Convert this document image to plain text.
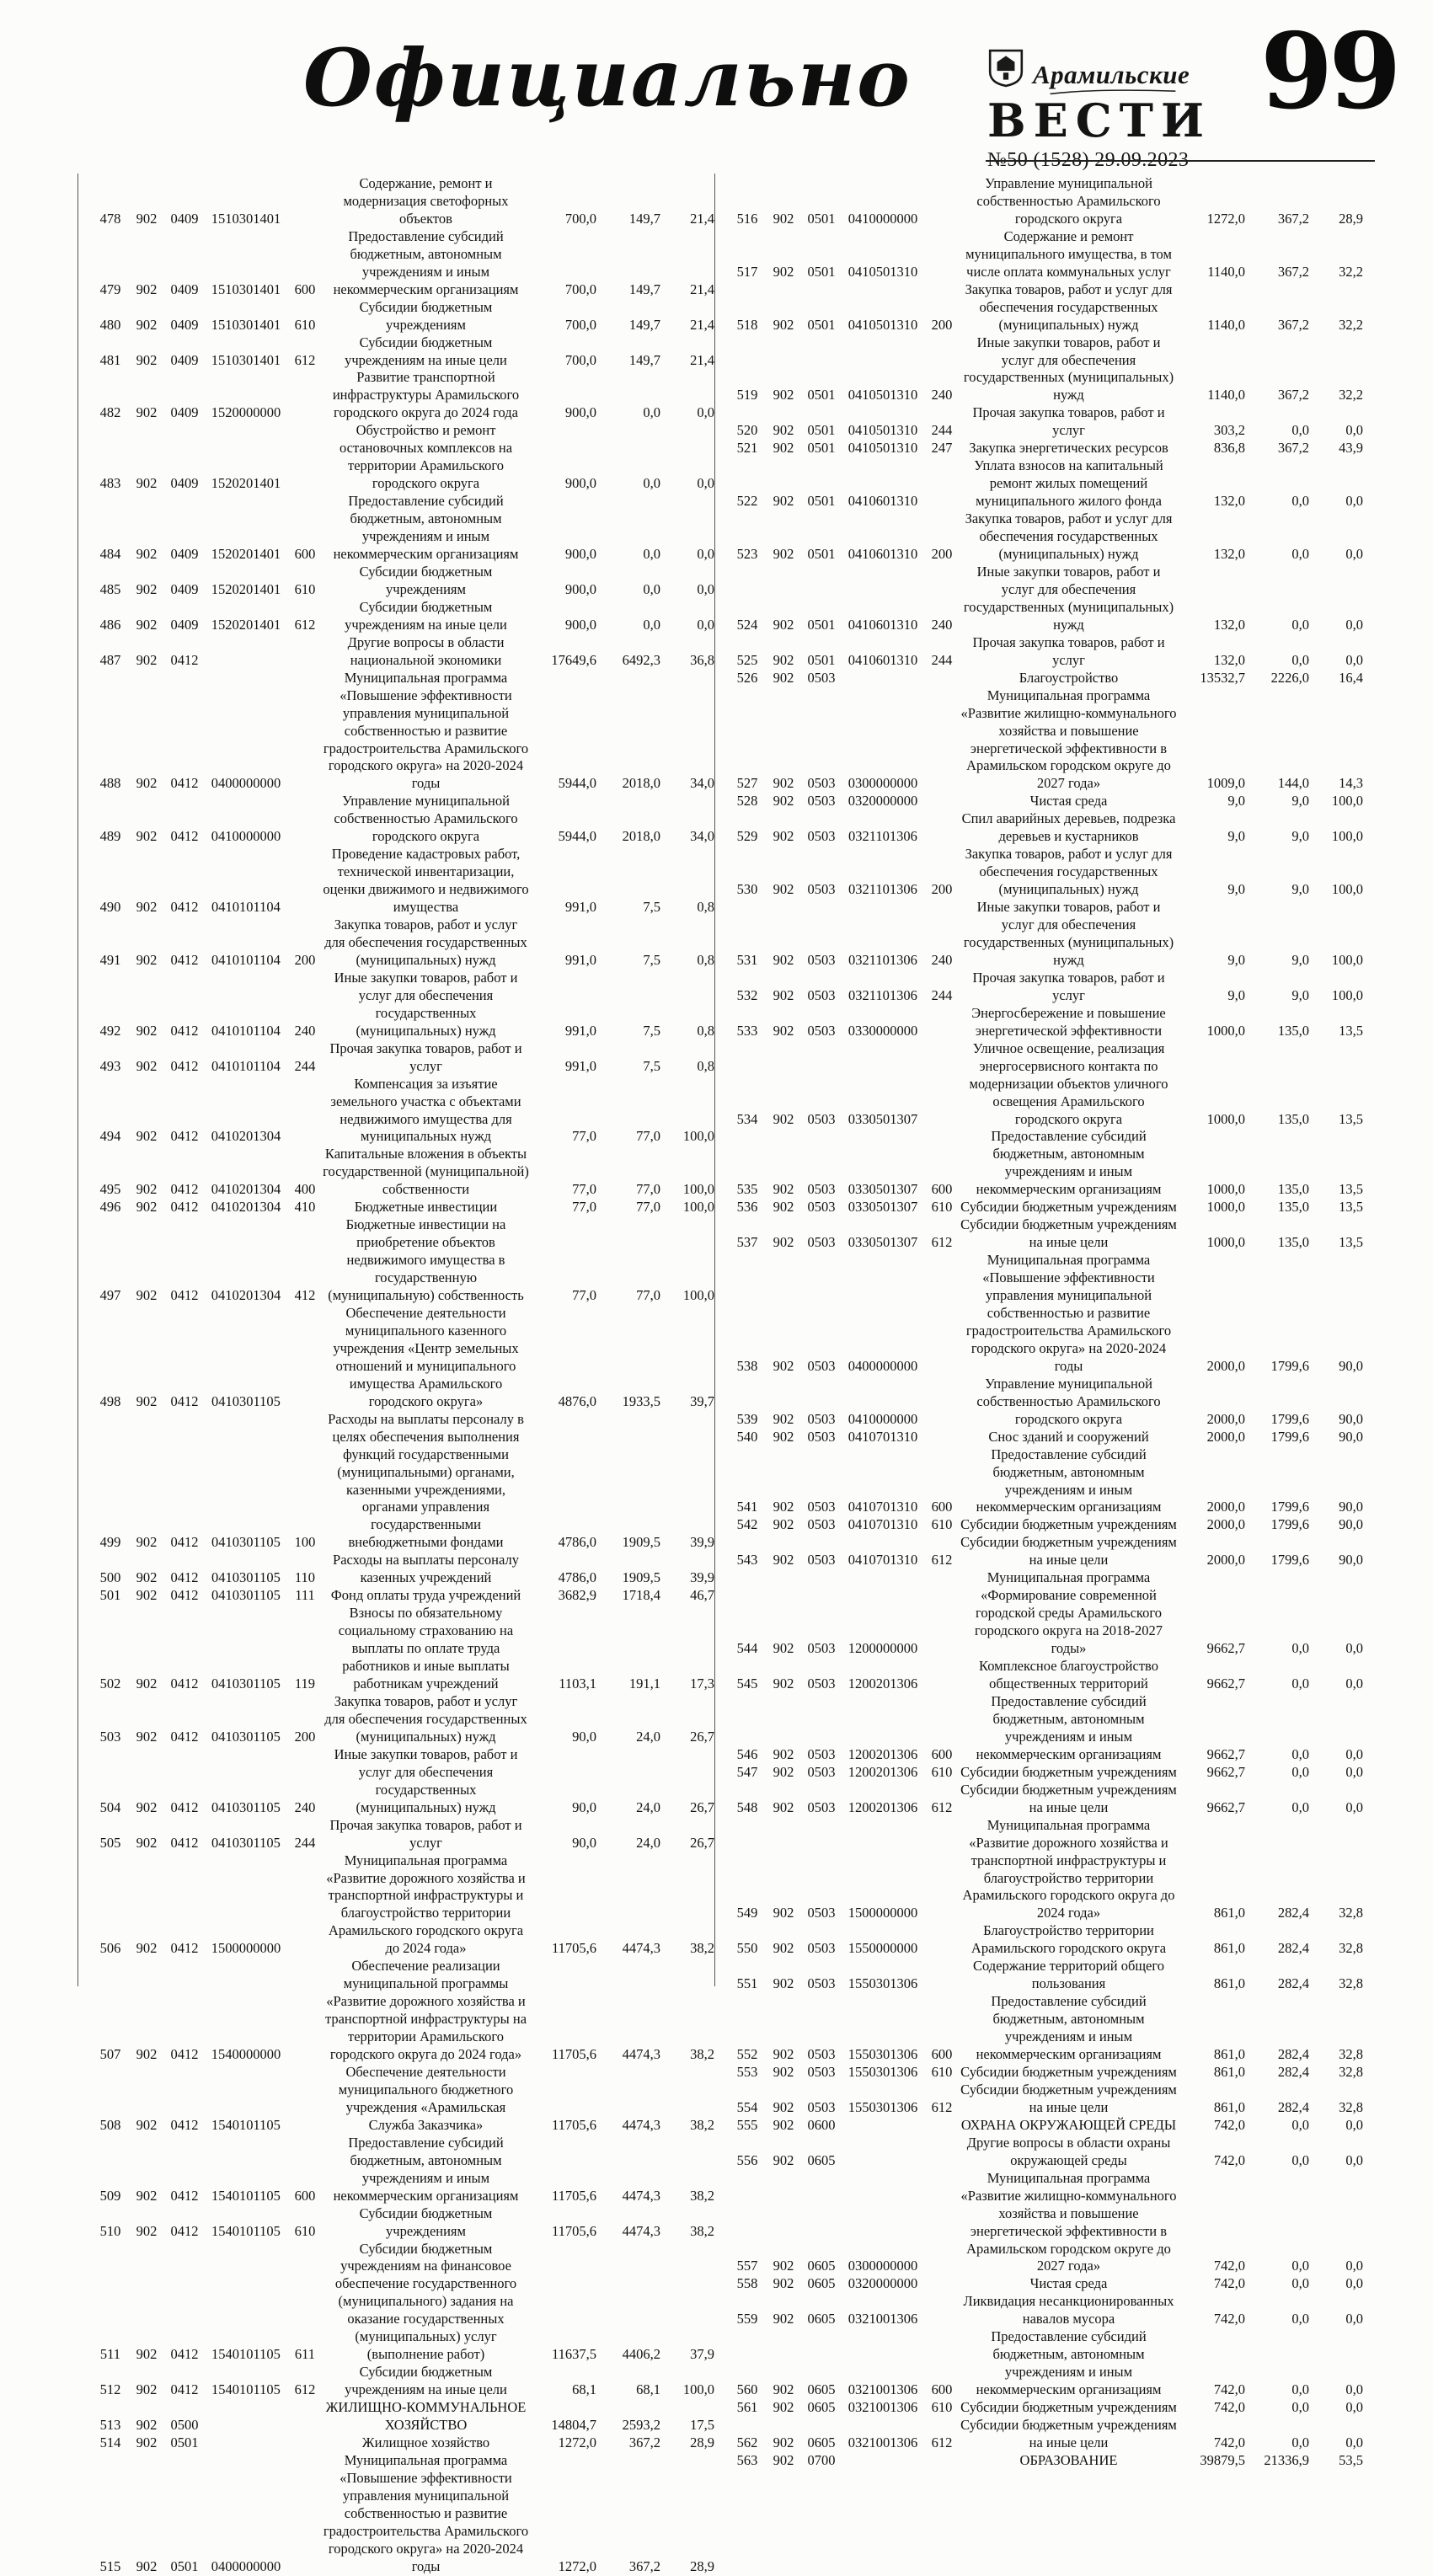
Официально	Арамильские
ВЕСТИ
№50 (1528) 29.09.2023
99
478	902	0409	1510301401		Содержание, ремонт и модернизация светофорных объектов	700,0	149,7	21,4
479	902	0409	1510301401	600	Предоставление субсидий бюджетным, автономным учреждениям и иным некоммерческим организациям	700,0	149,7	21,4
480	902	0409	1510301401	610	Субсидии бюджетным учреждениям	700,0	149,7	21,4
481	902	0409	1510301401	612	Субсидии бюджетным учреждениям на иные цели	700,0	149,7	21,4
482	902	0409	1520000000		Развитие транспортной инфраструктуры Арамильского городского округа до 2024 года	900,0	0,0	0,0
483	902	0409	1520201401		Обустройство и ремонт остановочных комплексов на территории Арамильского городского округа	900,0	0,0	0,0
484	902	0409	1520201401	600	Предоставление субсидий бюджетным, автономным учреждениям и иным некоммерческим организациям	900,0	0,0	0,0
485	902	0409	1520201401	610	Субсидии бюджетным учреждениям	900,0	0,0	0,0
486	902	0409	1520201401	612	Субсидии бюджетным учреждениям на иные цели	900,0	0,0	0,0
487	902	0412			Другие вопросы в области национальной экономики	17649,6	6492,3	36,8
488	902	0412	0400000000		Муниципальная программа «Повышение эффективности управления муниципальной собственностью и развитие градостроительства Арамильского городского округа» на 2020-2024 годы	5944,0	2018,0	34,0
489	902	0412	0410000000		Управление муниципальной собственностью Арамильского городского округа	5944,0	2018,0	34,0
490	902	0412	0410101104		Проведение кадастровых работ, технической инвентаризации, оценки движимого и недвижимого имущества	991,0	7,5	0,8
491	902	0412	0410101104	200	Закупка товаров, работ и услуг для обеспечения государственных (муниципальных) нужд	991,0	7,5	0,8
492	902	0412	0410101104	240	Иные закупки товаров, работ и услуг для обеспечения государственных (муниципальных) нужд	991,0	7,5	0,8
493	902	0412	0410101104	244	Прочая закупка товаров, работ и услуг	991,0	7,5	0,8
494	902	0412	0410201304		Компенсация за изъятие земельного участка с объектами недвижимого имущества для муниципальных нужд	77,0	77,0	100,0
495	902	0412	0410201304	400	Капитальные вложения в объекты государственной (муниципальной) собственности	77,0	77,0	100,0
496	902	0412	0410201304	410	Бюджетные инвестиции	77,0	77,0	100,0
497	902	0412	0410201304	412	Бюджетные инвестиции на приобретение объектов недвижимого имущества в государственную (муниципальную) собственность	77,0	77,0	100,0
498	902	0412	0410301105		Обеспечение деятельности муниципального казенного учреждения «Центр земельных отношений и муниципального имущества Арамильского городского округа»	4876,0	1933,5	39,7
499	902	0412	0410301105	100	Расходы на выплаты персоналу в целях обеспечения выполнения функций государственными (муниципальными) органами, казенными учреждениями, органами управления государственными внебюджетными фондами	4786,0	1909,5	39,9
500	902	0412	0410301105	110	Расходы на выплаты персоналу казенных учреждений	4786,0	1909,5	39,9
501	902	0412	0410301105	111	Фонд оплаты труда учреждений	3682,9	1718,4	46,7
502	902	0412	0410301105	119	Взносы по обязательному социальному страхованию на выплаты по оплате труда работников и иные выплаты работникам учреждений	1103,1	191,1	17,3
503	902	0412	0410301105	200	Закупка товаров, работ и услуг для обеспечения государственных (муниципальных) нужд	90,0	24,0	26,7
504	902	0412	0410301105	240	Иные закупки товаров, работ и услуг для обеспечения государственных (муниципальных) нужд	90,0	24,0	26,7
505	902	0412	0410301105	244	Прочая закупка товаров, работ и услуг	90,0	24,0	26,7
506	902	0412	1500000000		Муниципальная программа «Развитие дорожного хозяйства и транспортной инфраструктуры и благоустройство территории Арамильского городского округа до 2024 года»	11705,6	4474,3	38,2
507	902	0412	1540000000		Обеспечение реализации муниципальной программы «Развитие дорожного хозяйства и транспортной инфраструктуры на территории Арамильского городского округа до 2024 года»	11705,6	4474,3	38,2
508	902	0412	1540101105		Обеспечение деятельности муниципального бюджетного учреждения «Арамильская Служба Заказчика»	11705,6	4474,3	38,2
509	902	0412	1540101105	600	Предоставление субсидий бюджетным, автономным учреждениям и иным некоммерческим организациям	11705,6	4474,3	38,2
510	902	0412	1540101105	610	Субсидии бюджетным учреждениям	11705,6	4474,3	38,2
511	902	0412	1540101105	611	Субсидии бюджетным учреждениям на финансовое обеспечение государственного (муниципального) задания на оказание государственных (муниципальных) услуг (выполнение работ)	11637,5	4406,2	37,9
512	902	0412	1540101105	612	Субсидии бюджетным учреждениям на иные цели	68,1	68,1	100,0
513	902	0500			ЖИЛИЩНО-КОММУНАЛЬНОЕ ХОЗЯЙСТВО	14804,7	2593,2	17,5
514	902	0501			Жилищное хозяйство	1272,0	367,2	28,9
515	902	0501	0400000000		Муниципальная программа «Повышение эффективности управления муниципальной собственностью и развитие градостроительства Арамильского городского округа» на 2020-2024 годы	1272,0	367,2	28,9
516	902	0501	0410000000		Управление муниципальной собственностью Арамильского городского округа	1272,0	367,2	28,9
517	902	0501	0410501310		Содержание и ремонт муниципального имущества, в том числе оплата коммунальных услуг	1140,0	367,2	32,2
518	902	0501	0410501310	200	Закупка товаров, работ и услуг для обеспечения государственных (муниципальных) нужд	1140,0	367,2	32,2
519	902	0501	0410501310	240	Иные закупки товаров, работ и услуг для обеспечения государственных (муниципальных) нужд	1140,0	367,2	32,2
520	902	0501	0410501310	244	Прочая закупка товаров, работ и услуг	303,2	0,0	0,0
521	902	0501	0410501310	247	Закупка энергетических ресурсов	836,8	367,2	43,9
522	902	0501	0410601310		Уплата взносов на капитальный ремонт жилых помещений муниципального жилого фонда	132,0	0,0	0,0
523	902	0501	0410601310	200	Закупка товаров, работ и услуг для обеспечения государственных (муниципальных) нужд	132,0	0,0	0,0
524	902	0501	0410601310	240	Иные закупки товаров, работ и услуг для обеспечения государственных (муниципальных) нужд	132,0	0,0	0,0
525	902	0501	0410601310	244	Прочая закупка товаров, работ и услуг	132,0	0,0	0,0
526	902	0503			Благоустройство	13532,7	2226,0	16,4
527	902	0503	0300000000		Муниципальная программа «Развитие жилищно-коммунального хозяйства и повышение энергетической эффективности в Арамильском городском округе до 2027 года»	1009,0	144,0	14,3
528	902	0503	0320000000		Чистая среда	9,0	9,0	100,0
529	902	0503	0321101306		Спил аварийных деревьев, подрезка деревьев и кустарников	9,0	9,0	100,0
530	902	0503	0321101306	200	Закупка товаров, работ и услуг для обеспечения государственных (муниципальных) нужд	9,0	9,0	100,0
531	902	0503	0321101306	240	Иные закупки товаров, работ и услуг для обеспечения государственных (муниципальных) нужд	9,0	9,0	100,0
532	902	0503	0321101306	244	Прочая закупка товаров, работ и услуг	9,0	9,0	100,0
533	902	0503	0330000000		Энергосбережение и повышение энергетической эффективности	1000,0	135,0	13,5
534	902	0503	0330501307		Уличное освещение, реализация энергосервисного контакта по модернизации объектов уличного освещения Арамильского городского округа	1000,0	135,0	13,5
535	902	0503	0330501307	600	Предоставление субсидий бюджетным, автономным учреждениям и иным некоммерческим организациям	1000,0	135,0	13,5
536	902	0503	0330501307	610	Субсидии бюджетным учреждениям	1000,0	135,0	13,5
537	902	0503	0330501307	612	Субсидии бюджетным учреждениям на иные цели	1000,0	135,0	13,5
538	902	0503	0400000000		Муниципальная программа «Повышение эффективности управления муниципальной собственностью и развитие градостроительства Арамильского городского округа» на 2020-2024 годы	2000,0	1799,6	90,0
539	902	0503	0410000000		Управление муниципальной собственностью Арамильского городского округа	2000,0	1799,6	90,0
540	902	0503	0410701310		Снос зданий и сооружений	2000,0	1799,6	90,0
541	902	0503	0410701310	600	Предоставление субсидий бюджетным, автономным учреждениям и иным некоммерческим организациям	2000,0	1799,6	90,0
542	902	0503	0410701310	610	Субсидии бюджетным учреждениям	2000,0	1799,6	90,0
543	902	0503	0410701310	612	Субсидии бюджетным учреждениям на иные цели	2000,0	1799,6	90,0
544	902	0503	1200000000		Муниципальная программа «Формирование современной городской среды Арамильского городского округа на 2018-2027 годы»	9662,7	0,0	0,0
545	902	0503	1200201306		Комплексное благоустройство общественных территорий	9662,7	0,0	0,0
546	902	0503	1200201306	600	Предоставление субсидий бюджетным, автономным учреждениям и иным некоммерческим организациям	9662,7	0,0	0,0
547	902	0503	1200201306	610	Субсидии бюджетным учреждениям	9662,7	0,0	0,0
548	902	0503	1200201306	612	Субсидии бюджетным учреждениям на иные цели	9662,7	0,0	0,0
549	902	0503	1500000000		Муниципальная программа «Развитие дорожного хозяйства и транспортной инфраструктуры и благоустройство территории Арамильского городского округа до 2024 года»	861,0	282,4	32,8
550	902	0503	1550000000		Благоустройство территории Арамильского городского округа	861,0	282,4	32,8
551	902	0503	1550301306		Содержание территорий общего пользования	861,0	282,4	32,8
552	902	0503	1550301306	600	Предоставление субсидий бюджетным, автономным учреждениям и иным некоммерческим организациям	861,0	282,4	32,8
553	902	0503	1550301306	610	Субсидии бюджетным учреждениям	861,0	282,4	32,8
554	902	0503	1550301306	612	Субсидии бюджетным учреждениям на иные цели	861,0	282,4	32,8
555	902	0600			ОХРАНА ОКРУЖАЮЩЕЙ СРЕДЫ	742,0	0,0	0,0
556	902	0605			Другие вопросы в области охраны окружающей среды	742,0	0,0	0,0
557	902	0605	0300000000		Муниципальная программа «Развитие жилищно-коммунального хозяйства и повышение энергетической эффективности в Арамильском городском округе до 2027 года»	742,0	0,0	0,0
558	902	0605	0320000000		Чистая среда	742,0	0,0	0,0
559	902	0605	0321001306		Ликвидация несанкционированных навалов мусора	742,0	0,0	0,0
560	902	0605	0321001306	600	Предоставление субсидий бюджетным, автономным учреждениям и иным некоммерческим организациям	742,0	0,0	0,0
561	902	0605	0321001306	610	Субсидии бюджетным учреждениям	742,0	0,0	0,0
562	902	0605	0321001306	612	Субсидии бюджетным учреждениям на иные цели	742,0	0,0	0,0
563	902	0700			ОБРАЗОВАНИЕ	39879,5	21336,9	53,5
